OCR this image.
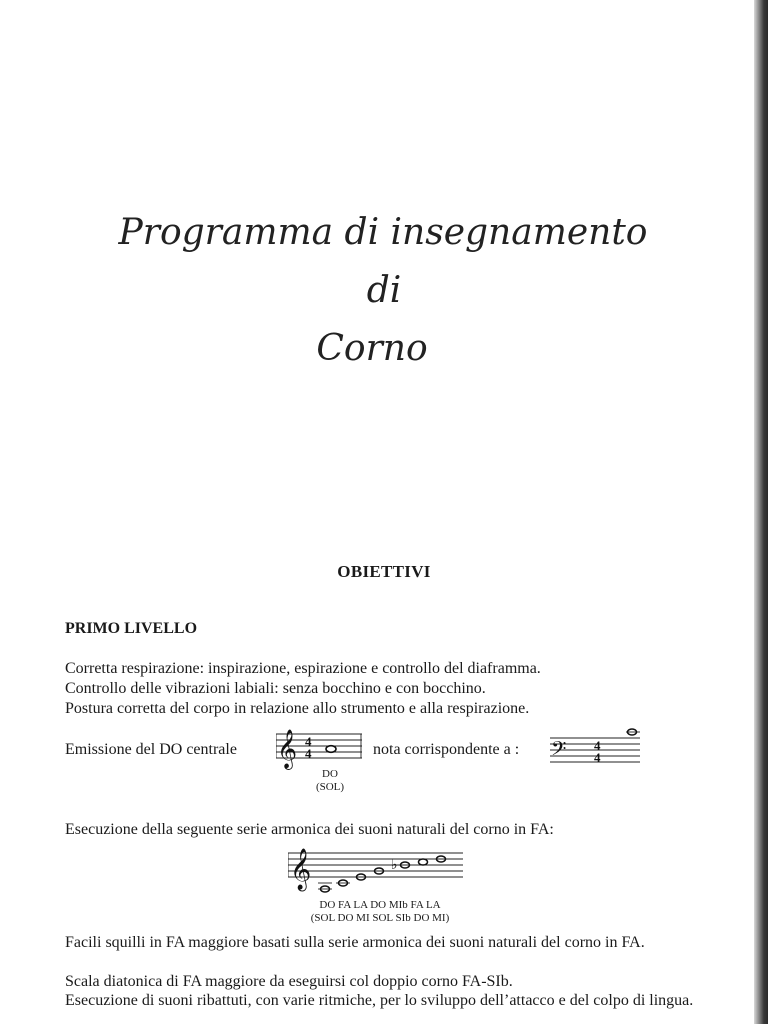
Programma di insegnamento
di
Corno
OBIETTIVI
PRIMO LIVELLO
Corretta respirazione: inspirazione, espirazione e controllo del diaframma.
Controllo delle vibrazioni labiali: senza bocchino e con bocchino.
Postura corretta del corpo in relazione allo strumento e alla respirazione.
Emissione del DO centrale 𝄞 4
4
DO
(SOL)
nota corrispondente a : 𝄢 4
4
Esecuzione della seguente serie armonica dei suoni naturali del corno in FA:
𝄞	♭
DO FA LA DO MIb FA LA
(SOL DO MI SOL SIb DO MI)
Facili squilli in FA maggiore basati sulla serie armonica dei suoni naturali del corno in FA.
Scala diatonica di FA maggiore da eseguirsi col doppio corno FA-SIb.
Esecuzione di suoni ribattuti, con varie ritmiche, per lo sviluppo dell’attacco e del colpo di lingua.
